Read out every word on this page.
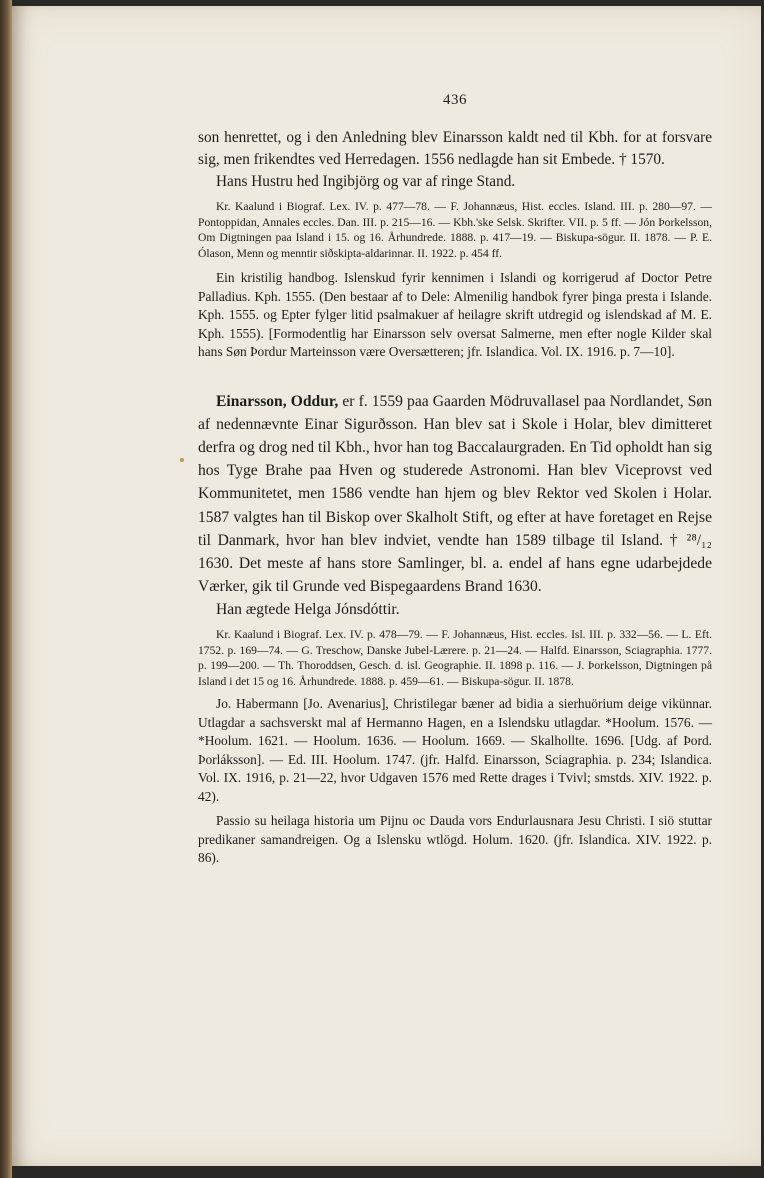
436

son henrettet, og i den Anledning blev Einarsson kaldt ned til Kbh. for at forsvare sig, men frikendtes ved Herredagen. 1556 nedlagde han sit Embede. † 1570.

Hans Hustru hed Ingibjörg og var af ringe Stand.

Kr. Kaalund i Biograf. Lex. IV. p. 477—78. — F. Johannæus, Hist. eccles. Island. III. p. 280—97. — Pontoppidan, Annales eccles. Dan. III. p. 215—16. — Kbh.'ske Selsk. Skrifter. VII. p. 5 ff. — Jón Þorkelsson, Om Digtningen paa Island i 15. og 16. Århundrede. 1888. p. 417—19. — Biskupa-sögur. II. 1878. — P. E. Ólason, Menn og menntir siðskipta-aldarinnar. II. 1922. p. 454 ff.

Ein kristilig handbog. Islenskud fyrir kennimen i Islandi og korrigerud af Doctor Petre Palladius. Kph. 1555. (Den bestaar af to Dele: Almenilig handbok fyrer þinga presta i Islande. Kph. 1555. og Epter fylger litid psalmakuer af heilagre skrift utdregid og islendskad af M. E. Kph. 1555). [Formodentlig har Einarsson selv oversat Salmerne, men efter nogle Kilder skal hans Søn Þordur Marteinsson være Oversætteren; jfr. Islandica. Vol. IX. 1916. p. 7—10].

Einarsson, Oddur, er f. 1559 paa Gaarden Mödruvallasel paa Nordlandet, Søn af nedennævnte Einar Sigurðsson. Han blev sat i Skole i Holar, blev dimitteret derfra og drog ned til Kbh., hvor han tog Baccalaurgraden. En Tid opholdt han sig hos Tyge Brahe paa Hven og studerede Astronomi. Han blev Viceprovst ved Kommunitetet, men 1586 vendte han hjem og blev Rektor ved Skolen i Holar. 1587 valgtes han til Biskop over Skalholt Stift, og efter at have foretaget en Rejse til Danmark, hvor han blev indviet, vendte han 1589 tilbage til Island. † ²⁸/₁₂ 1630. Det meste af hans store Samlinger, bl. a. endel af hans egne udarbejdede Værker, gik til Grunde ved Bispegaardens Brand 1630.

Han ægtede Helga Jónsdóttir.

Kr. Kaalund i Biograf. Lex. IV. p. 478—79. — F. Johannæus, Hist. eccles. Isl. III. p. 332—56. — L. Eft. 1752. p. 169—74. — G. Treschow, Danske Jubel-Lærere. p. 21—24. — Halfd. Einarsson, Sciagraphia. 1777. p. 199—200. — Th. Thoroddsen, Gesch. d. isl. Geographie. II. 1898 p. 116. — J. Þorkelsson, Digtningen på Island i det 15 og 16. Århundrede. 1888. p. 459—61. — Biskupa-sögur. II. 1878.

Jo. Habermann [Jo. Avenarius], Christilegar bæner ad bidia a sierhuörium deige vikünnar. Utlagdar a sachsverskt mal af Hermanno Hagen, en a Islendsku utlagdar. *Hoolum. 1576. — *Hoolum. 1621. — Hoolum. 1636. — Hoolum. 1669. — Skalhollte. 1696. [Udg. af Þord. Þorláksson]. — Ed. III. Hoolum. 1747. (jfr. Halfd. Einarsson, Sciagraphia. p. 234; Islandica. Vol. IX. 1916, p. 21—22, hvor Udgaven 1576 med Rette drages i Tvivl; smstds. XIV. 1922. p. 42).

Passio su heilaga historia um Pijnu oc Dauda vors Endurlausnara Jesu Christi. I siö stuttar predikaner samandreigen. Og a Islensku wtlögd. Holum. 1620. (jfr. Islandica. XIV. 1922. p. 86).
